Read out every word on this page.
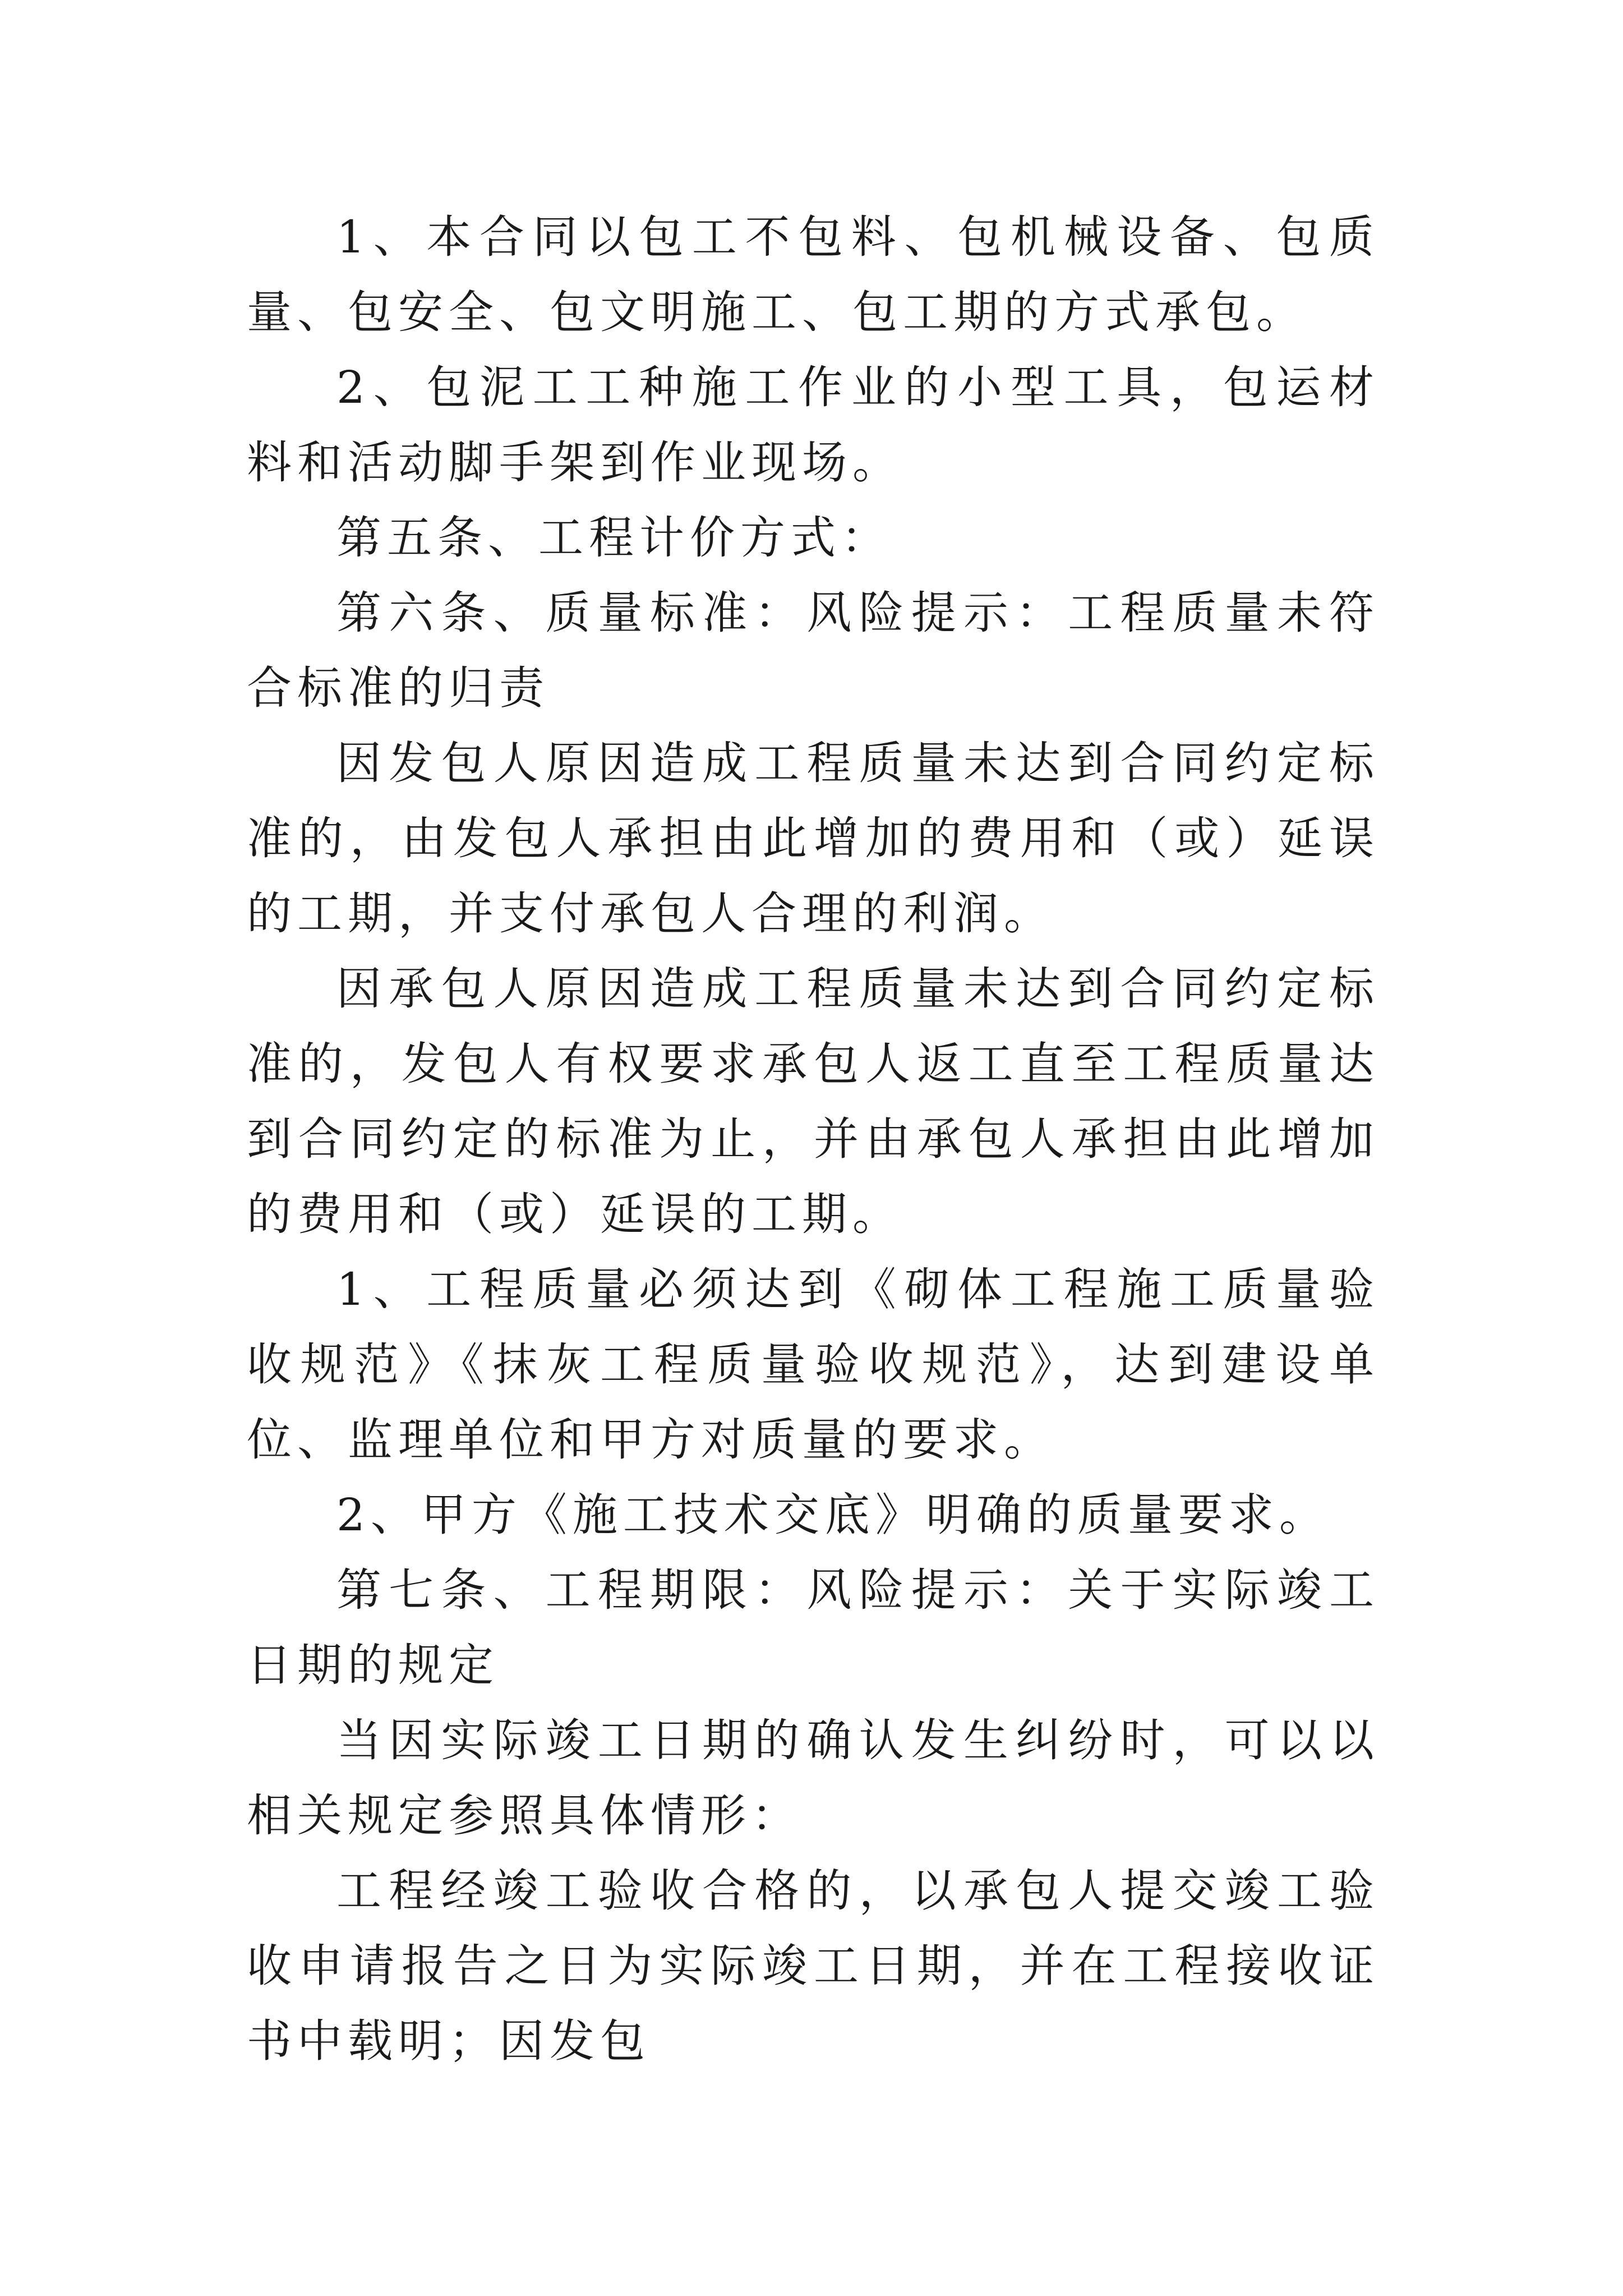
1、本合同以包工不包料、包机械设备、包质量、包安全、包文明施工、包工期的方式承包。

2、包泥工工种施工作业的小型工具，包运材料和活动脚手架到作业现场。

第五条、工程计价方式：

第六条、质量标准：风险提示：工程质量未符合标准的归责

因发包人原因造成工程质量未达到合同约定标准的，由发包人承担由此增加的费用和（或）延误的工期，并支付承包人合理的利润。

因承包人原因造成工程质量未达到合同约定标准的，发包人有权要求承包人返工直至工程质量达到合同约定的标准为止，并由承包人承担由此增加的费用和（或）延误的工期。

1、工程质量必须达到《砌体工程施工质量验收规范》《抹灰工程质量验收规范》，达到建设单位、监理单位和甲方对质量的要求。

2、甲方《施工技术交底》明确的质量要求。

第七条、工程期限：风险提示：关于实际竣工日期的规定

当因实际竣工日期的确认发生纠纷时，可以以相关规定参照具体情形：

工程经竣工验收合格的，以承包人提交竣工验收申请报告之日为实际竣工日期，并在工程接收证书中载明；因发包
